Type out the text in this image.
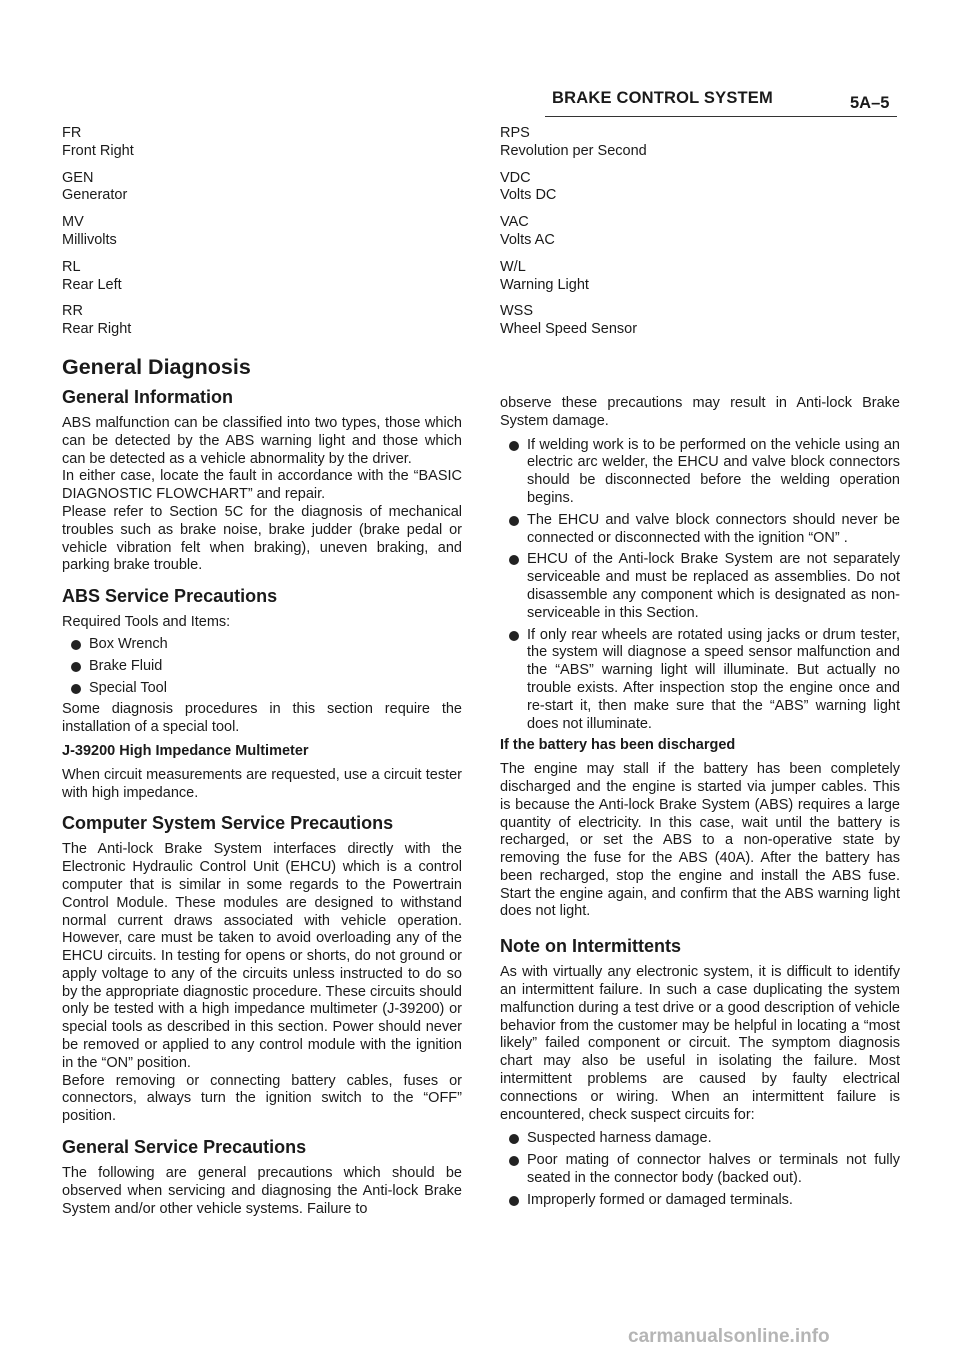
BRAKE CONTROL SYSTEM	5A–5
FR
Front Right
GEN
Generator
MV
Millivolts
RL
Rear Left
RR
Rear Right
General Diagnosis
General Information

ABS malfunction can be classified into two types, those which can be detected by the ABS warning light and those which can be detected as a vehicle abnormality by the driver.

In either case, locate the fault in accordance with the “BASIC DIAGNOSTIC FLOWCHART” and repair.

Please refer to Section 5C for the diagnosis of mechanical troubles such as brake noise, brake judder (brake pedal or vehicle vibration felt when braking), uneven braking, and parking brake trouble.

ABS Service Precautions

Required Tools and Items:

Box Wrench
Brake Fluid
Special Tool

Some diagnosis procedures in this section require the installation of a special tool.

J-39200 High Impedance Multimeter

When circuit measurements are requested, use a circuit tester with high impedance.

Computer System Service Precautions

The Anti-lock Brake System interfaces directly with the Electronic Hydraulic Control Unit (EHCU) which is a control computer that is similar in some regards to the Powertrain Control Module. These modules are designed to withstand normal current draws associated with vehicle operation. However, care must be taken to avoid overloading any of the EHCU circuits. In testing for opens or shorts, do not ground or apply voltage to any of the circuits unless instructed to do so by the appropriate diagnostic procedure. These circuits should only be tested with a high impedance multimeter (J-39200) or special tools as described in this section. Power should never be removed or applied to any control module with the ignition in the “ON” position.

Before removing or connecting battery cables, fuses or connectors, always turn the ignition switch to the “OFF” position.

General Service Precautions

The following are general precautions which should be observed when servicing and diagnosing the Anti-lock Brake System and/or other vehicle systems. Failure to

RPS
Revolution per Second
VDC
Volts DC
VAC
Volts AC
W/L
Warning Light
WSS
Wheel Speed Sensor

observe these precautions may result in Anti-lock Brake System damage.

If welding work is to be performed on the vehicle using an electric arc welder, the EHCU and valve block connectors should be disconnected before the welding operation begins.
The EHCU and valve block connectors should never be connected or disconnected with the ignition “ON” .
EHCU of the Anti-lock Brake System are not separately serviceable and must be replaced as assemblies. Do not disassemble any component which is designated as non-serviceable in this Section.
If only rear wheels are rotated using jacks or drum tester, the system will diagnose a speed sensor malfunction and the “ABS” warning light will illuminate. But actually no trouble exists. After inspection stop the engine once and re-start it, then make sure that the “ABS” warning light does not illuminate.
If the battery has been discharged

The engine may stall if the battery has been completely discharged and the engine is started via jumper cables. This is because the Anti-lock Brake System (ABS) requires a large quantity of electricity. In this case, wait until the battery is recharged, or set the ABS to a non-operative state by removing the fuse for the ABS (40A). After the battery has been recharged, stop the engine and install the ABS fuse. Start the engine again, and confirm that the ABS warning light does not light.

Note on Intermittents

As with virtually any electronic system, it is difficult to identify an intermittent failure. In such a case duplicating the system malfunction during a test drive or a good description of vehicle behavior from the customer may be helpful in locating a “most likely” failed component or circuit. The symptom diagnosis chart may also be useful in isolating the failure. Most intermittent problems are caused by faulty electrical connections or wiring. When an intermittent failure is encountered, check suspect circuits for:

Suspected harness damage.
Poor mating of connector halves or terminals not fully seated in the connector body (backed out).
Improperly formed or damaged terminals.
carmanualsonline.info
